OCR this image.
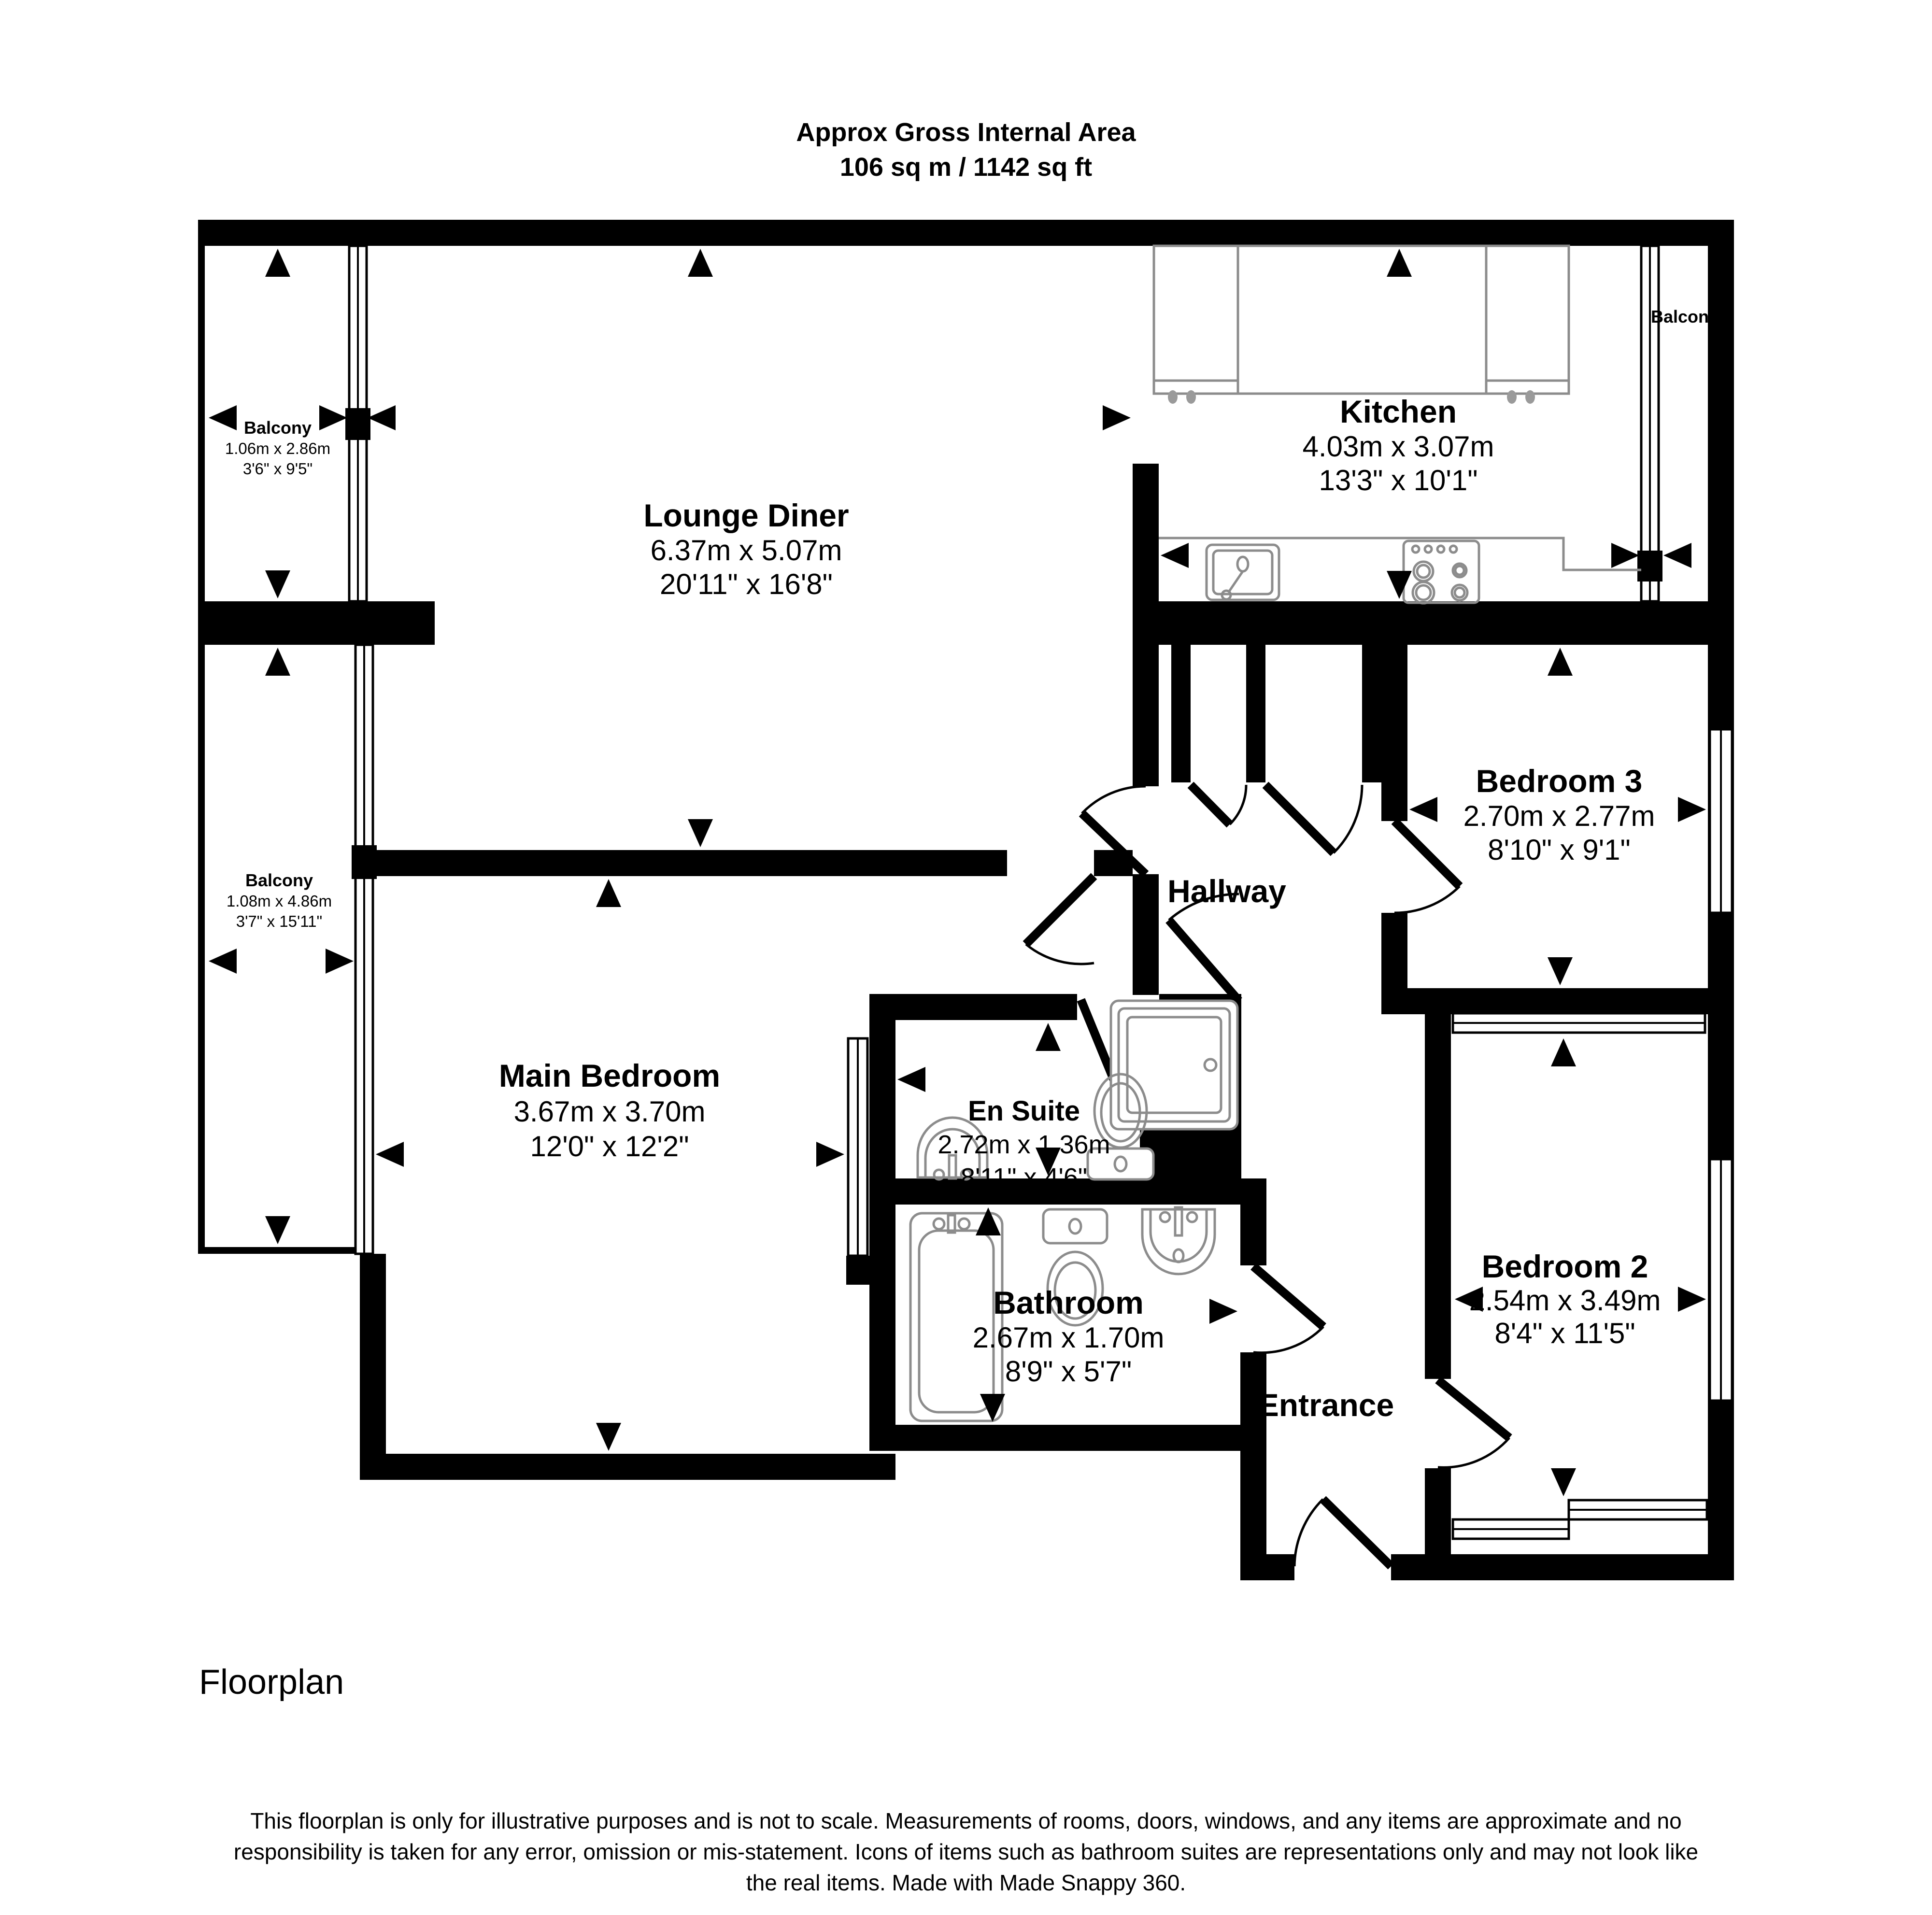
Approx Gross Internal Area
106 sq m / 1142 sq ft
Balcony
1.06m x 2.86m
3'6" x 9'5"
Balcony
Balcony
1.08m x 4.86m
3'7" x 15'11"
Lounge Diner
6.37m x 5.07m
20'11" x 16'8"
Kitchen
4.03m x 3.07m
13'3" x 10'1"
Bedroom 3
2.70m x 2.77m
8'10" x 9'1"
Hallway
Main Bedroom
3.67m x 3.70m
12'0" x 12'2"
En Suite
2.72m x 1.36m
8'11" x 4'6"
Bathroom
2.67m x 1.70m
8'9" x 5'7"
Bedroom 2
2.54m x 3.49m
8'4" x 11'5"
Entrance
Floorplan
This floorplan is only for illustrative purposes and is not to scale. Measurements of rooms, doors, windows, and any items are approximate and no responsibility is taken for any error, omission or mis-statement. Icons of items such as bathroom suites are representations only and may not look like the real items. Made with Made Snappy 360.
